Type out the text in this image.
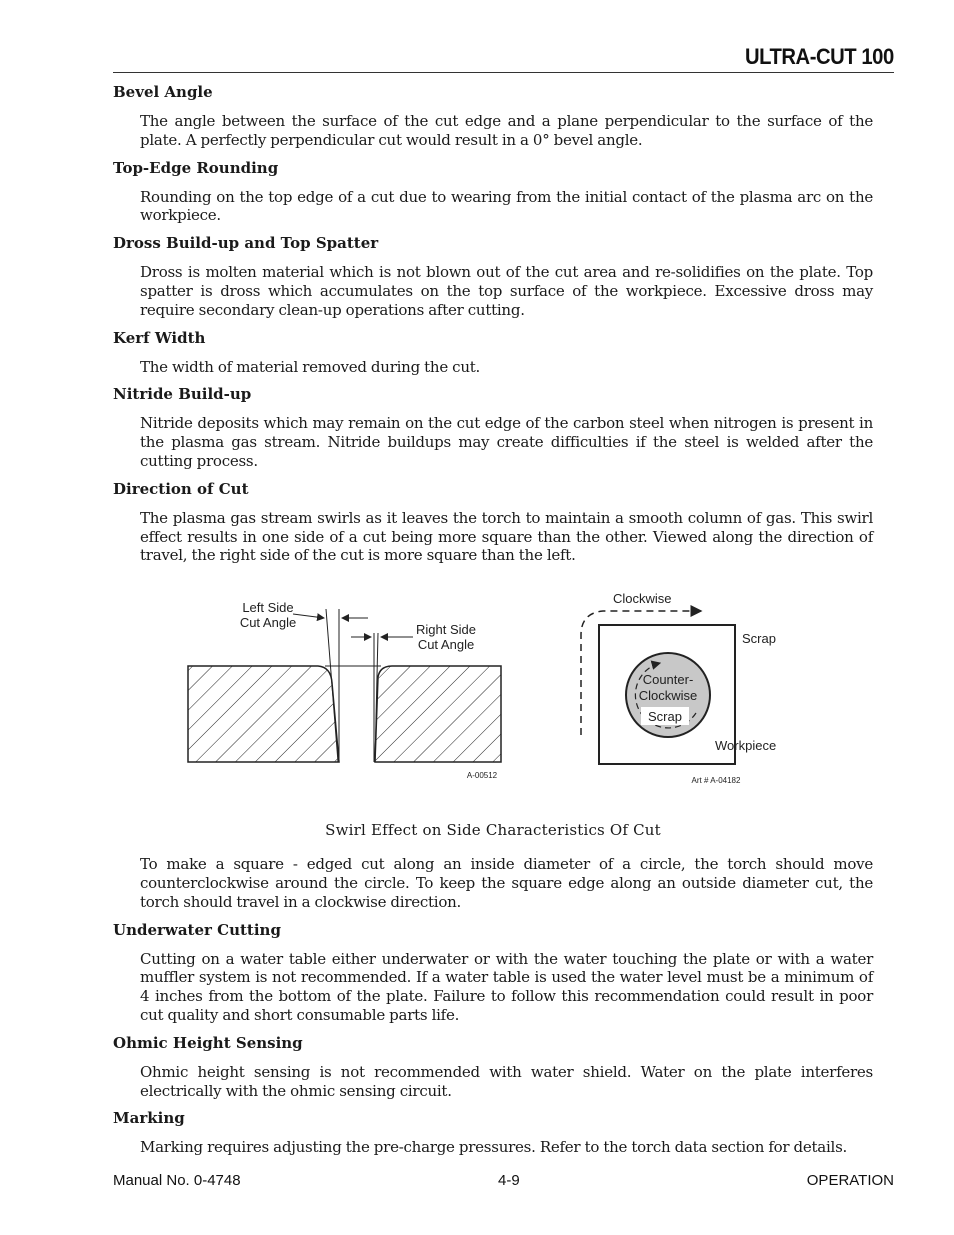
ULTRA-CUT 100
Bevel Angle

The angle between the surface of the cut edge and a plane perpendicular to the surface of the plate. A perfectly perpendicular cut would result in a 0° bevel angle.

Top-Edge Rounding

Rounding on the top edge of a cut due to wearing from the initial contact of the plasma arc on the workpiece.

Dross Build-up and Top Spatter

Dross is molten material which is not blown out of the cut area and re-solidifies on the plate. Top spatter is dross which accumulates on the top surface of the workpiece. Excessive dross may require secondary clean-up operations after cutting.

Kerf Width

The width of material removed during the cut.

Nitride Build-up

Nitride deposits which may remain on the cut edge of the carbon steel when nitrogen is present in the plasma gas stream. Nitride buildups may create difficulties if the steel is welded after the cutting process.

Direction of Cut

The plasma gas stream swirls as it leaves the torch to maintain a smooth column of gas. This swirl effect results in one side of a cut being more square than the other. Viewed along the direction of travel, the right side of the cut is more square than the left.

Left Side
Cut Angle	Right Side
Cut Angle
A-00512
Clockwise
Scrap
Counter-
Clockwise
Scrap
Workpiece
Art # A-04182

Swirl Effect on Side Characteristics Of Cut

To make a square - edged cut along an inside diameter of a circle, the torch should move counterclockwise around the circle. To keep the square edge along an outside diameter cut, the torch should travel in a clockwise direction.

Underwater Cutting

Cutting on a water table either underwater or with the water touching the plate or with a water muffler system is not recommended. If a water table is used the water level must be a minimum of 4 inches from the bottom of the plate. Failure to follow this recommendation could result in poor cut quality and short consumable parts life.

Ohmic Height Sensing

Ohmic height sensing is not recommended with water shield. Water on the plate interferes electrically with the ohmic sensing circuit.

Marking

Marking requires adjusting the pre-charge pressures. Refer to the torch data section for details.

Manual No. 0-4748	4-9	OPERATION
